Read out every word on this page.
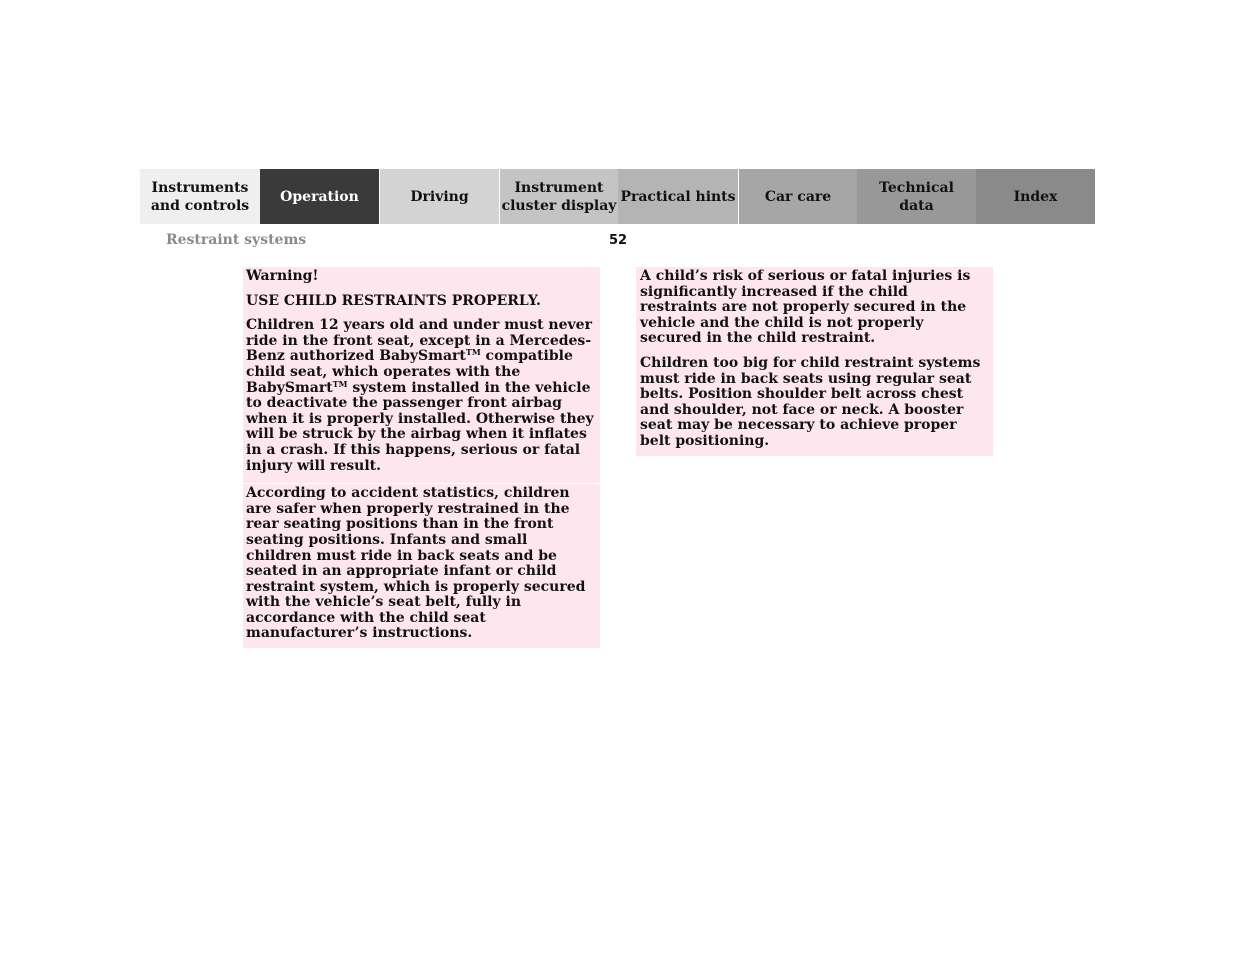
Instruments
and controls
Operation	Driving
Instrument
cluster display
Practical hints	Car care
Technical
data
Index
Restraint systems	52

Warning!

USE CHILD RESTRAINTS PROPERLY.

Children 12 years old and under must never ride in the front seat, except in a Mercedes-Benz authorized BabySmart™ compatible child seat, which operates with the BabySmart™ system installed in the vehicle to deactivate the passenger front airbag when it is properly installed. Otherwise they will be struck by the airbag when it inflates in a crash. If this happens, serious or fatal injury will result.

According to accident statistics, children are safer when properly restrained in the rear seating positions than in the front seating positions. Infants and small children must ride in back seats and be seated in an appropriate infant or child restraint system, which is properly secured with the vehicle’s seat belt, fully in accordance with the child seat manufacturer’s instructions.

A child’s risk of serious or fatal injuries is significantly increased if the child restraints are not properly secured in the vehicle and the child is not properly secured in the child restraint.

Children too big for child restraint systems must ride in back seats using regular seat belts. Position shoulder belt across chest and shoulder, not face or neck. A booster seat may be necessary to achieve proper belt positioning.
